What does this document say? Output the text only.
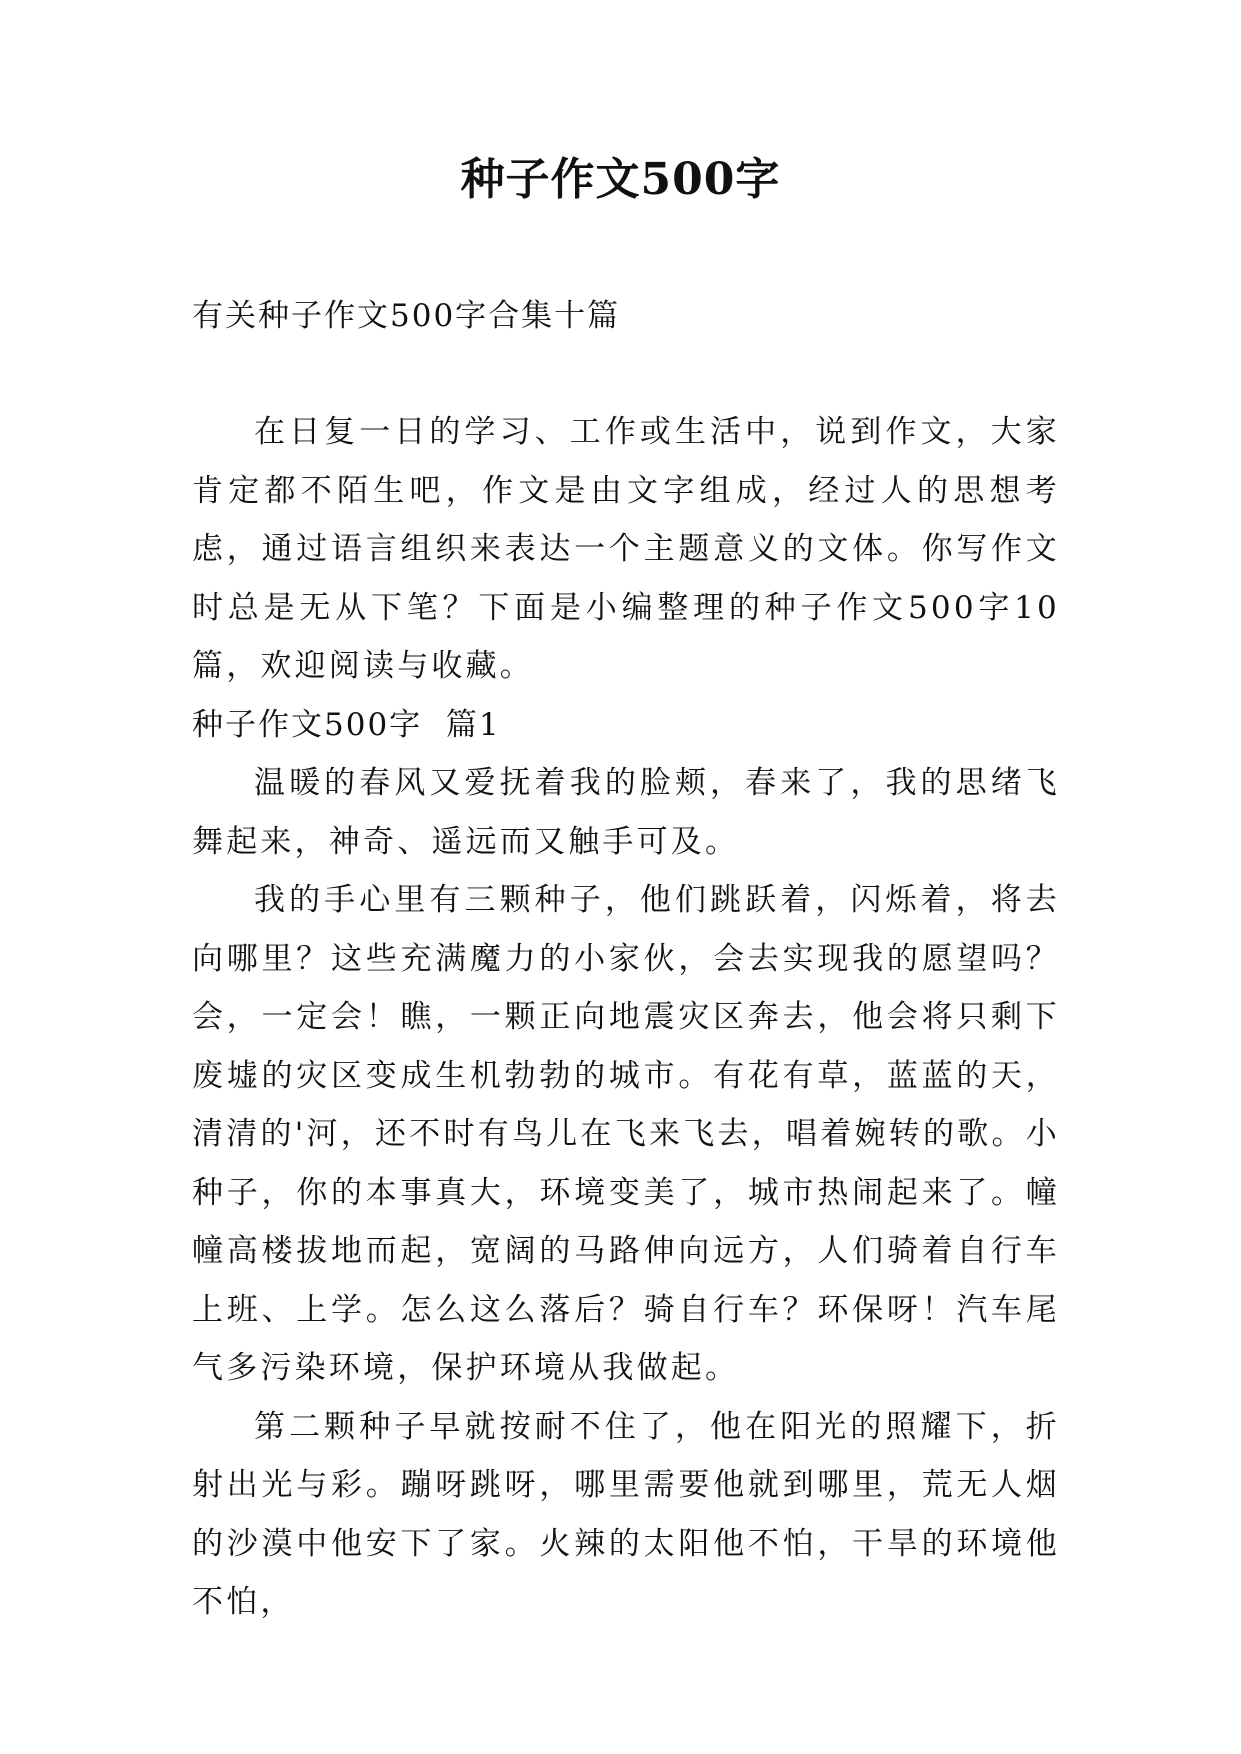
种子作文500字

有关种子作文500字合集十篇

在日复一日的学习、工作或生活中，说到作文，大家肯定都不陌生吧，作文是由文字组成，经过人的思想考虑，通过语言组织来表达一个主题意义的文体。你写作文时总是无从下笔？下面是小编整理的种子作文500字10篇，欢迎阅读与收藏。

种子作文500字  篇1

温暖的春风又爱抚着我的脸颊，春来了，我的思绪飞舞起来，神奇、遥远而又触手可及。

我的手心里有三颗种子，他们跳跃着，闪烁着，将去向哪里？这些充满魔力的小家伙，会去实现我的愿望吗？会，一定会！瞧，一颗正向地震灾区奔去，他会将只剩下废墟的灾区变成生机勃勃的城市。有花有草，蓝蓝的天，清清的'河，还不时有鸟儿在飞来飞去，唱着婉转的歌。小种子，你的本事真大，环境变美了，城市热闹起来了。幢幢高楼拔地而起，宽阔的马路伸向远方，人们骑着自行车上班、上学。怎么这么落后？骑自行车？环保呀！汽车尾气多污染环境，保护环境从我做起。

第二颗种子早就按耐不住了，他在阳光的照耀下，折射出光与彩。蹦呀跳呀，哪里需要他就到哪里，荒无人烟的沙漠中他安下了家。火辣的太阳他不怕，干旱的环境他不怕，
